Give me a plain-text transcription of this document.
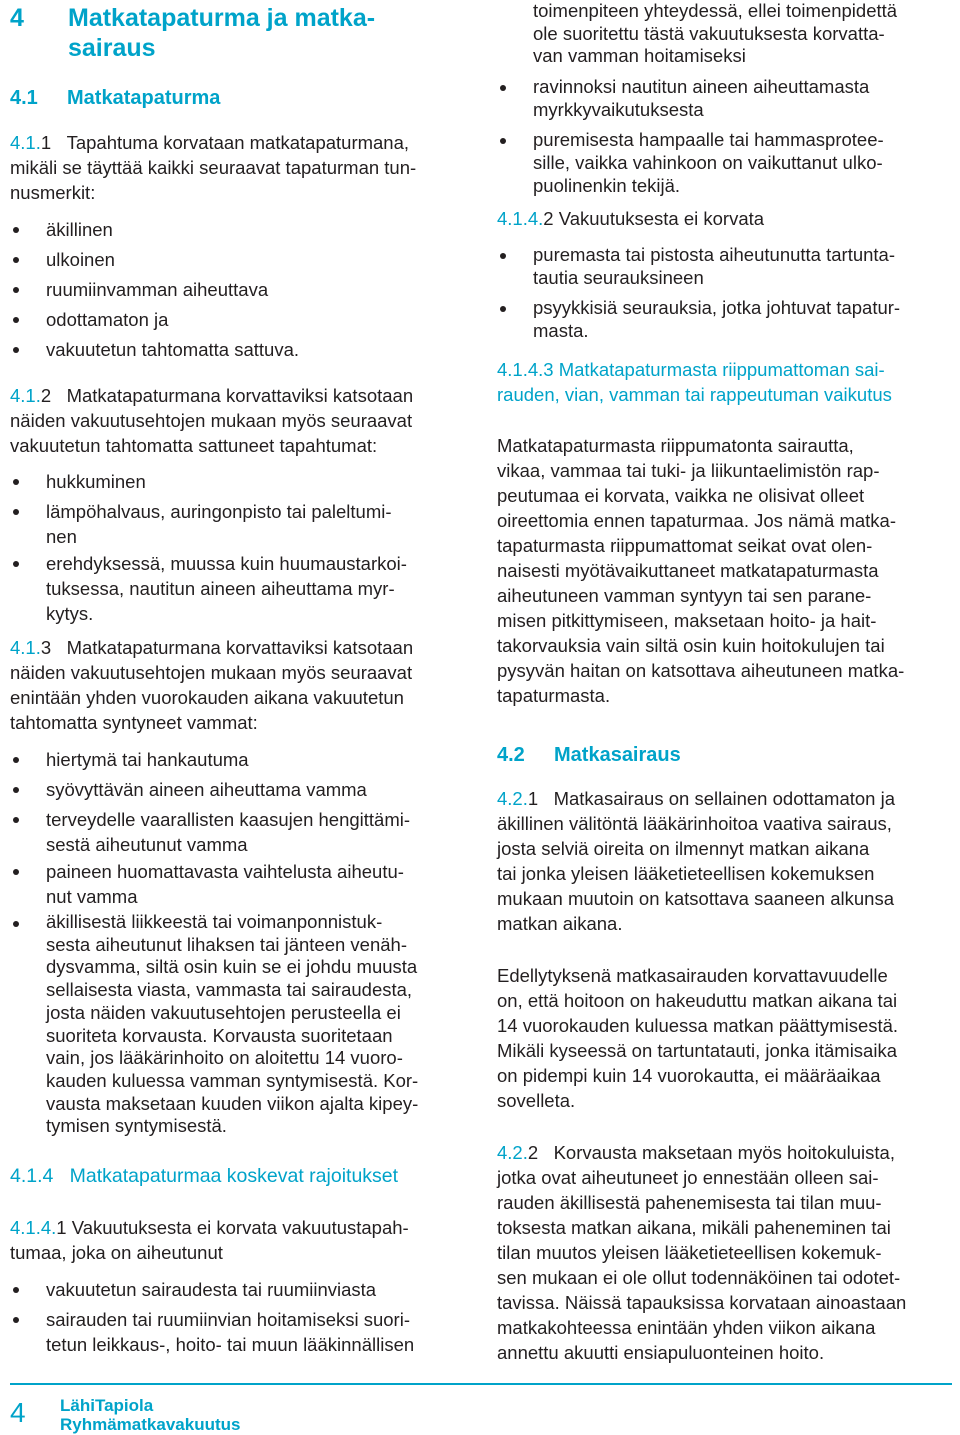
4 Matkatapaturma ja matka-
sairaus
4.1 Matkatapaturma

4.1.1 Tapahtuma korvataan matkatapaturmana,

mikäli se täyttää kaikki seuraavat tapaturman tun-

nusmerkit:

äkillinen
ulkoinen
ruumiinvamman aiheuttava
odottamaton ja
vakuutetun tahtomatta sattuva.

4.1.2 Matkatapaturmana korvattaviksi katsotaan

näiden vakuutusehtojen mukaan myös seuraavat

vakuutetun tahtomatta sattuneet tapahtumat:

hukkuminen
lämpöhalvaus, auringonpisto tai paleltumi-
nen
erehdyksessä, muussa kuin huumaustarkoi-
tuksessa, nautitun aineen aiheuttama myr-
kytys.

4.1.3 Matkatapaturmana korvattaviksi katsotaan

näiden vakuutusehtojen mukaan myös seuraavat

enintään yhden vuorokauden aikana vakuutetun

tahtomatta syntyneet vammat:

hiertymä tai hankautuma
syövyttävän aineen aiheuttama vamma
terveydelle vaarallisten kaasujen hengittämi-
sestä aiheutunut vamma
paineen huomattavasta vaihtelusta aiheutu-
nut vamma
äkillisestä liikkeestä tai voimanponnistuk-
sesta aiheutunut lihaksen tai jänteen venäh-
dysvamma, siltä osin kuin se ei johdu muusta
sellaisesta viasta, vammasta tai sairaudesta,
josta näiden vakuutusehtojen perusteella ei
suoriteta korvausta. Korvausta suoritetaan
vain, jos lääkärinhoito on aloitettu 14 vuoro-
kauden kuluessa vamman syntymisestä. Kor-
vausta maksetaan kuuden viikon ajalta kipey-
tymisen syntymisestä.
4.1.4 Matkatapaturmaa koskevat rajoitukset

4.1.4.1 Vakuutuksesta ei korvata vakuutustapah-

tumaa, joka on aiheutunut

vakuutetun sairaudesta tai ruumiinviasta
sairauden tai ruumiinvian hoitamiseksi suori-
tetun leikkaus-, hoito- tai muun lääkinnällisen

toimenpiteen yhteydessä, ellei toimenpidettä

ole suoritettu tästä vakuutuksesta korvatta-

van vamman hoitamiseksi

ravinnoksi nautitun aineen aiheuttamasta
myrkkyvaikutuksesta
puremisesta hampaalle tai hammasprotee-
sille, vaikka vahinkoon on vaikuttanut ulko-
puolinenkin tekijä.
4.1.4.2 Vakuutuksesta ei korvata
puremasta tai pistosta aiheutunutta tartunta-
tautia seurauksineen
psyykkisiä seurauksia, jotka johtuvat tapatur-
masta.

4.1.4.3 Matkatapaturmasta riippumattoman sai-

rauden, vian, vamman tai rappeutuman vaikutus

Matkatapaturmasta riippumatonta sairautta,

vikaa, vammaa tai tuki- ja liikuntaelimistön rap-

peutumaa ei korvata, vaikka ne olisivat olleet

oireettomia ennen tapaturmaa. Jos nämä matka-

tapaturmasta riippumattomat seikat ovat olen-

naisesti myötävaikuttaneet matkatapaturmasta

aiheutuneen vamman syntyyn tai sen parane-

misen pitkittymiseen, maksetaan hoito- ja hait-

takorvauksia vain siltä osin kuin hoitokulujen tai

pysyvän haitan on katsottava aiheutuneen matka-

tapaturmasta.

4.2 Matkasairaus

4.2.1 Matkasairaus on sellainen odottamaton ja

äkillinen välitöntä lääkärinhoitoa vaativa sairaus,

josta selviä oireita on ilmennyt matkan aikana

tai jonka yleisen lääketieteellisen kokemuksen

mukaan muutoin on katsottava saaneen alkunsa

matkan aikana.

Edellytyksenä matkasairauden korvattavuudelle

on, että hoitoon on hakeuduttu matkan aikana tai

14 vuorokauden kuluessa matkan päättymisestä.

Mikäli kyseessä on tartuntatauti, jonka itämisaika

on pidempi kuin 14 vuorokautta, ei määräaikaa

sovelleta.

4.2.2 Korvausta maksetaan myös hoitokuluista,

jotka ovat aiheutuneet jo ennestään olleen sai-

rauden äkillisestä pahenemisesta tai tilan muu-

toksesta matkan aikana, mikäli paheneminen tai

tilan muutos yleisen lääketieteellisen kokemuk-

sen mukaan ei ole ollut todennäköinen tai odotet-

tavissa. Näissä tapauksissa korvataan ainoastaan

matkakohteessa enintään yhden viikon aikana

annettu akuutti ensiapuluonteinen hoito.

4 LähiTapiola
Ryhmämatkavakuutus
